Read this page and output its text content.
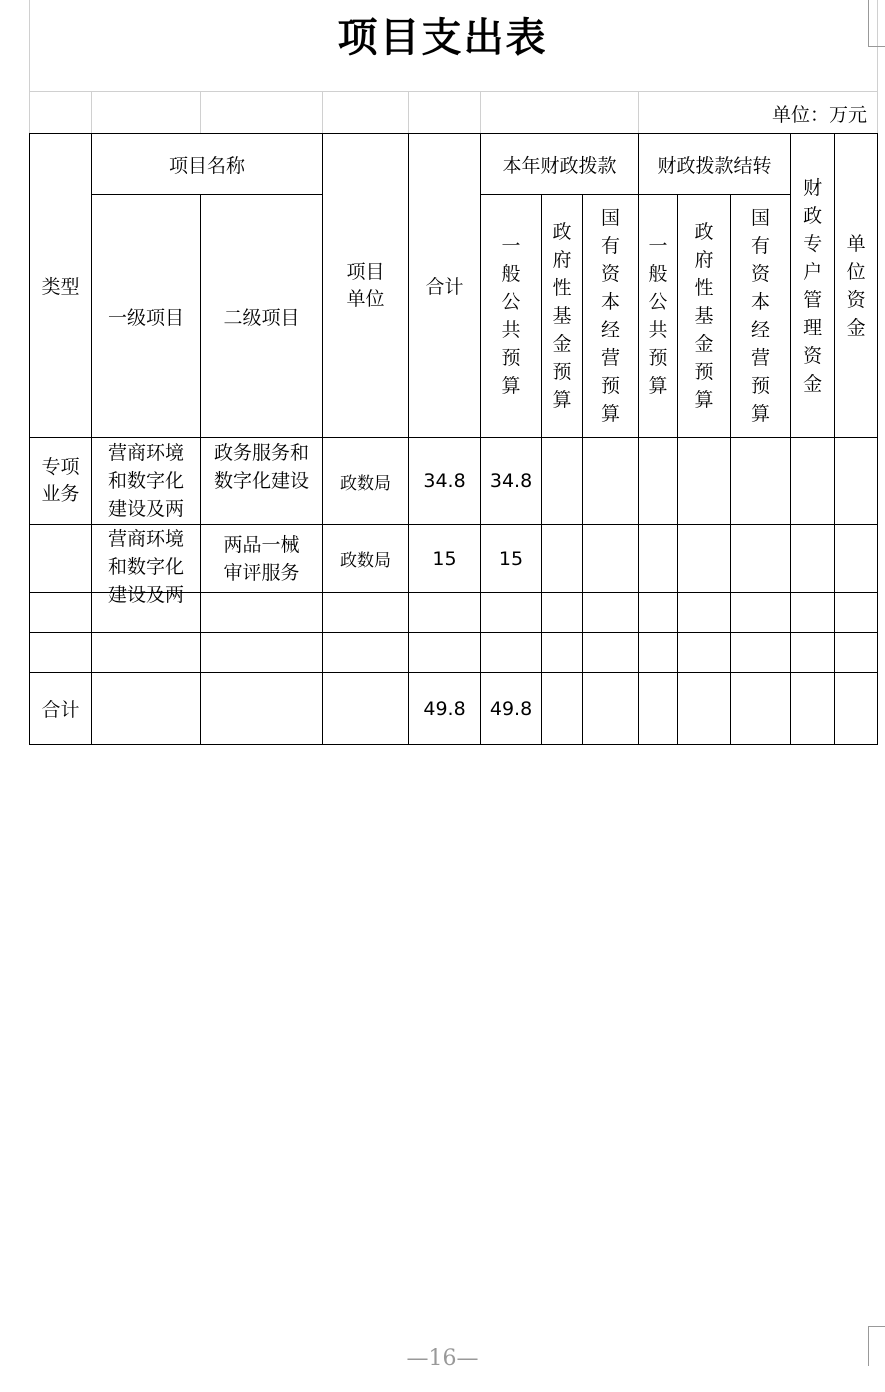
项目支出表
单位：万元
类型	项目名称		项目单位	合计	本年财政拨款			财政拨款结转			财政专户管理资金	单位资金
	一级项目	二级项目			一般公共预算	政府性基金预算	国有资本经营预算	一般公共预算	政府性基金预算	国有资本经营预算		

专项业务	营商环境和数字化建设及两	政务服务和数字化建设	政数局	34.8	34.8							

	营商环境和数字化建设及两	两品一械审评服务	政数局	15	15							

合计				49.8	49.8							
—16—
